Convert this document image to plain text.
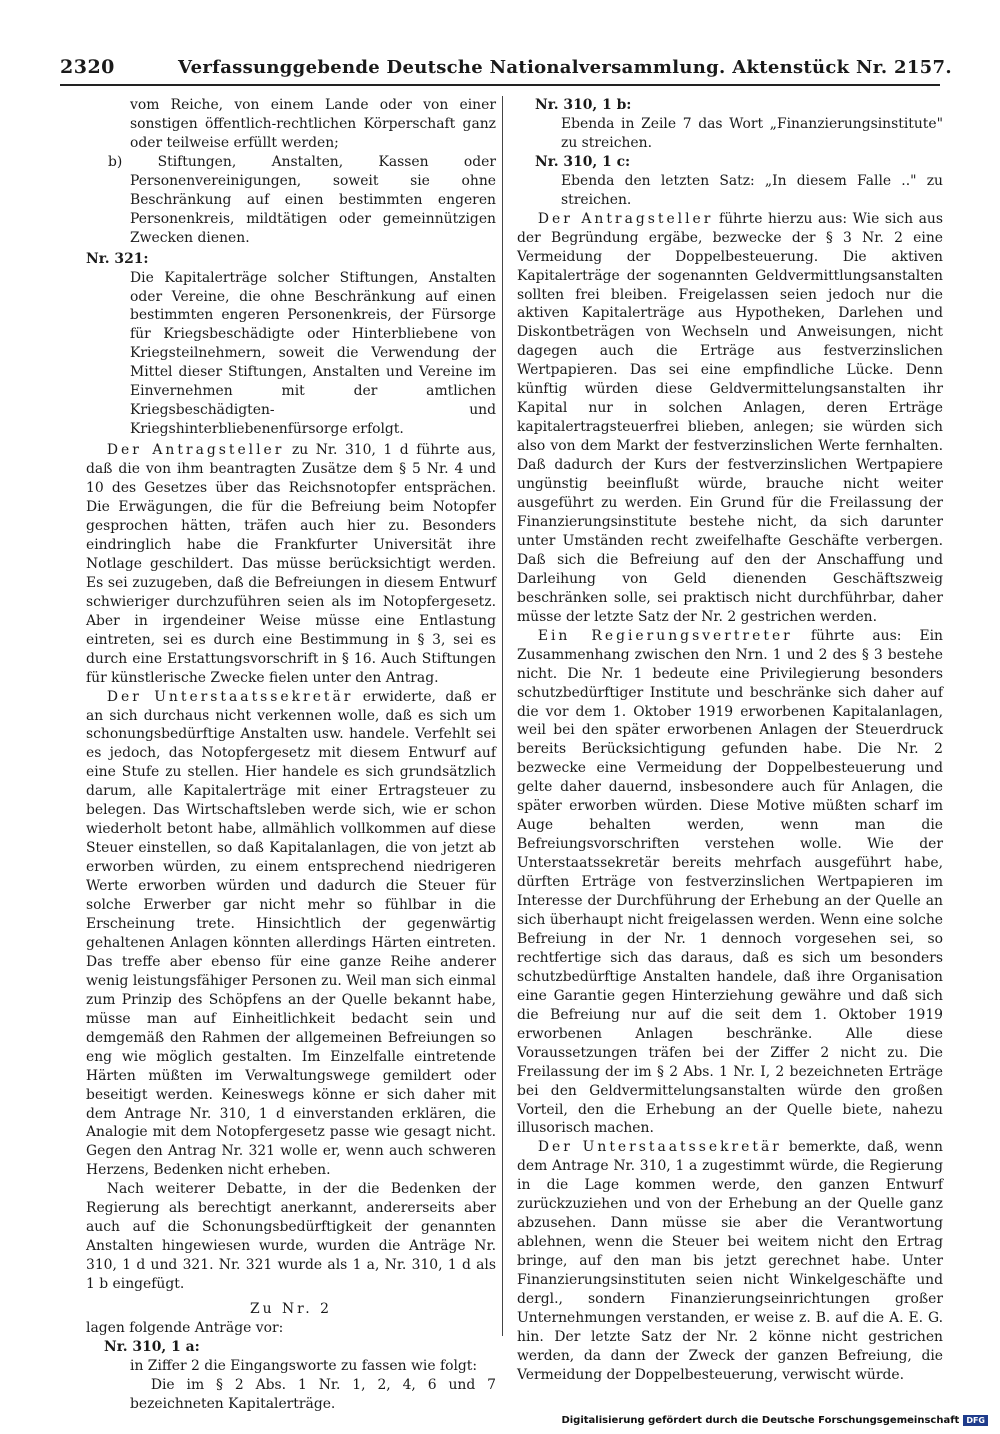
2320	Verfassunggebende Deutsche Nationalversammlung. Aktenstück Nr. 2157.

vom Reiche, von einem Lande oder von einer sonstigen öffentlich-rechtlichen Körperschaft ganz oder teilweise erfüllt werden;

b) Stiftungen, Anstalten, Kassen oder Personenvereinigungen, soweit sie ohne Beschränkung auf einen bestimmten engeren Personenkreis, mildtätigen oder gemeinnützigen Zwecken dienen.

Nr. 321:

Die Kapitalerträge solcher Stiftungen, Anstalten oder Vereine, die ohne Beschränkung auf einen bestimmten engeren Personenkreis, der Fürsorge für Kriegsbeschädigte oder Hinterbliebene von Kriegsteilnehmern, soweit die Verwendung der Mittel dieser Stiftungen, Anstalten und Vereine im Einvernehmen mit der amtlichen Kriegsbeschädigten- und Kriegshinterbliebenenfürsorge erfolgt.

Der Antragsteller zu Nr. 310, 1 d führte aus, daß die von ihm beantragten Zusätze dem § 5 Nr. 4 und 10 des Gesetzes über das Reichsnotopfer entsprächen. Die Erwägungen, die für die Befreiung beim Notopfer gesprochen hätten, träfen auch hier zu. Besonders eindringlich habe die Frankfurter Universität ihre Notlage geschildert. Das müsse berücksichtigt werden. Es sei zuzugeben, daß die Befreiungen in diesem Entwurf schwieriger durchzuführen seien als im Notopfergesetz. Aber in irgendeiner Weise müsse eine Entlastung eintreten, sei es durch eine Bestimmung in § 3, sei es durch eine Erstattungsvorschrift in § 16. Auch Stiftungen für künstlerische Zwecke fielen unter den Antrag.

Der Unterstaatssekretär erwiderte, daß er an sich durchaus nicht verkennen wolle, daß es sich um schonungsbedürftige Anstalten usw. handele. Verfehlt sei es jedoch, das Notopfergesetz mit diesem Entwurf auf eine Stufe zu stellen. Hier handele es sich grundsätzlich darum, alle Kapitalerträge mit einer Ertragsteuer zu belegen. Das Wirtschaftsleben werde sich, wie er schon wiederholt betont habe, allmählich vollkommen auf diese Steuer einstellen, so daß Kapitalanlagen, die von jetzt ab erworben würden, zu einem entsprechend niedrigeren Werte erworben würden und dadurch die Steuer für solche Erwerber gar nicht mehr so fühlbar in die Erscheinung trete. Hinsichtlich der gegenwärtig gehaltenen Anlagen könnten allerdings Härten eintreten. Das treffe aber ebenso für eine ganze Reihe anderer wenig leistungsfähiger Personen zu. Weil man sich einmal zum Prinzip des Schöpfens an der Quelle bekannt habe, müsse man auf Einheitlichkeit bedacht sein und demgemäß den Rahmen der allgemeinen Befreiungen so eng wie möglich gestalten. Im Einzelfalle eintretende Härten müßten im Verwaltungswege gemildert oder beseitigt werden. Keineswegs könne er sich daher mit dem Antrage Nr. 310, 1 d einverstanden erklären, die Analogie mit dem Notopfergesetz passe wie gesagt nicht. Gegen den Antrag Nr. 321 wolle er, wenn auch schweren Herzens, Bedenken nicht erheben.

Nach weiterer Debatte, in der die Bedenken der Regierung als berechtigt anerkannt, andererseits aber auch auf die Schonungsbedürftigkeit der genannten Anstalten hingewiesen wurde, wurden die Anträge Nr. 310, 1 d und 321. Nr. 321 wurde als 1 a, Nr. 310, 1 d als 1 b eingefügt.

Zu Nr. 2

lagen folgende Anträge vor:

Nr. 310, 1 a:

in Ziffer 2 die Eingangsworte zu fassen wie folgt:

Die im § 2 Abs. 1 Nr. 1, 2, 4, 6 und 7 bezeichneten Kapitalerträge.

Nr. 310, 1 b:

Ebenda in Zeile 7 das Wort „Finanzierungsinstitute" zu streichen.

Nr. 310, 1 c:

Ebenda den letzten Satz: „In diesem Falle .." zu streichen.

Der Antragsteller führte hierzu aus: Wie sich aus der Begründung ergäbe, bezwecke der § 3 Nr. 2 eine Vermeidung der Doppelbesteuerung. Die aktiven Kapitalerträge der sogenannten Geldvermittlungsanstalten sollten frei bleiben. Freigelassen seien jedoch nur die aktiven Kapitalerträge aus Hypotheken, Darlehen und Diskontbeträgen von Wechseln und Anweisungen, nicht dagegen auch die Erträge aus festverzinslichen Wertpapieren. Das sei eine empfindliche Lücke. Denn künftig würden diese Geldvermittelungsanstalten ihr Kapital nur in solchen Anlagen, deren Erträge kapitalertragsteuerfrei blieben, anlegen; sie würden sich also von dem Markt der festverzinslichen Werte fernhalten. Daß dadurch der Kurs der festverzinslichen Wertpapiere ungünstig beeinflußt würde, brauche nicht weiter ausgeführt zu werden. Ein Grund für die Freilassung der Finanzierungsinstitute bestehe nicht, da sich darunter unter Umständen recht zweifelhafte Geschäfte verbergen. Daß sich die Befreiung auf den der Anschaffung und Darleihung von Geld dienenden Geschäftszweig beschränken solle, sei praktisch nicht durchführbar, daher müsse der letzte Satz der Nr. 2 gestrichen werden.

Ein Regierungsvertreter führte aus: Ein Zusammenhang zwischen den Nrn. 1 und 2 des § 3 bestehe nicht. Die Nr. 1 bedeute eine Privilegierung besonders schutzbedürftiger Institute und beschränke sich daher auf die vor dem 1. Oktober 1919 erworbenen Kapitalanlagen, weil bei den später erworbenen Anlagen der Steuerdruck bereits Berücksichtigung gefunden habe. Die Nr. 2 bezwecke eine Vermeidung der Doppelbesteuerung und gelte daher dauernd, insbesondere auch für Anlagen, die später erworben würden. Diese Motive müßten scharf im Auge behalten werden, wenn man die Befreiungsvorschriften verstehen wolle. Wie der Unterstaatssekretär bereits mehrfach ausgeführt habe, dürften Erträge von festverzinslichen Wertpapieren im Interesse der Durchführung der Erhebung an der Quelle an sich überhaupt nicht freigelassen werden. Wenn eine solche Befreiung in der Nr. 1 dennoch vorgesehen sei, so rechtfertige sich das daraus, daß es sich um besonders schutzbedürftige Anstalten handele, daß ihre Organisation eine Garantie gegen Hinterziehung gewähre und daß sich die Befreiung nur auf die seit dem 1. Oktober 1919 erworbenen Anlagen beschränke. Alle diese Voraussetzungen träfen bei der Ziffer 2 nicht zu. Die Freilassung der im § 2 Abs. 1 Nr. I, 2 bezeichneten Erträge bei den Geldvermittelungsanstalten würde den großen Vorteil, den die Erhebung an der Quelle biete, nahezu illusorisch machen.

Der Unterstaatssekretär bemerkte, daß, wenn dem Antrage Nr. 310, 1 a zugestimmt würde, die Regierung in die Lage kommen werde, den ganzen Entwurf zurückzuziehen und von der Erhebung an der Quelle ganz abzusehen. Dann müsse sie aber die Verantwortung ablehnen, wenn die Steuer bei weitem nicht den Ertrag bringe, auf den man bis jetzt gerechnet habe. Unter Finanzierungsinstituten seien nicht Winkelgeschäfte und dergl., sondern Finanzierungseinrichtungen großer Unternehmungen verstanden, er weise z. B. auf die A. E. G. hin. Der letzte Satz der Nr. 2 könne nicht gestrichen werden, da dann der Zweck der ganzen Befreiung, die Vermeidung der Doppelbesteuerung, verwischt würde.

Digitalisierung gefördert durch die Deutsche Forschungsgemeinschaft DFG
